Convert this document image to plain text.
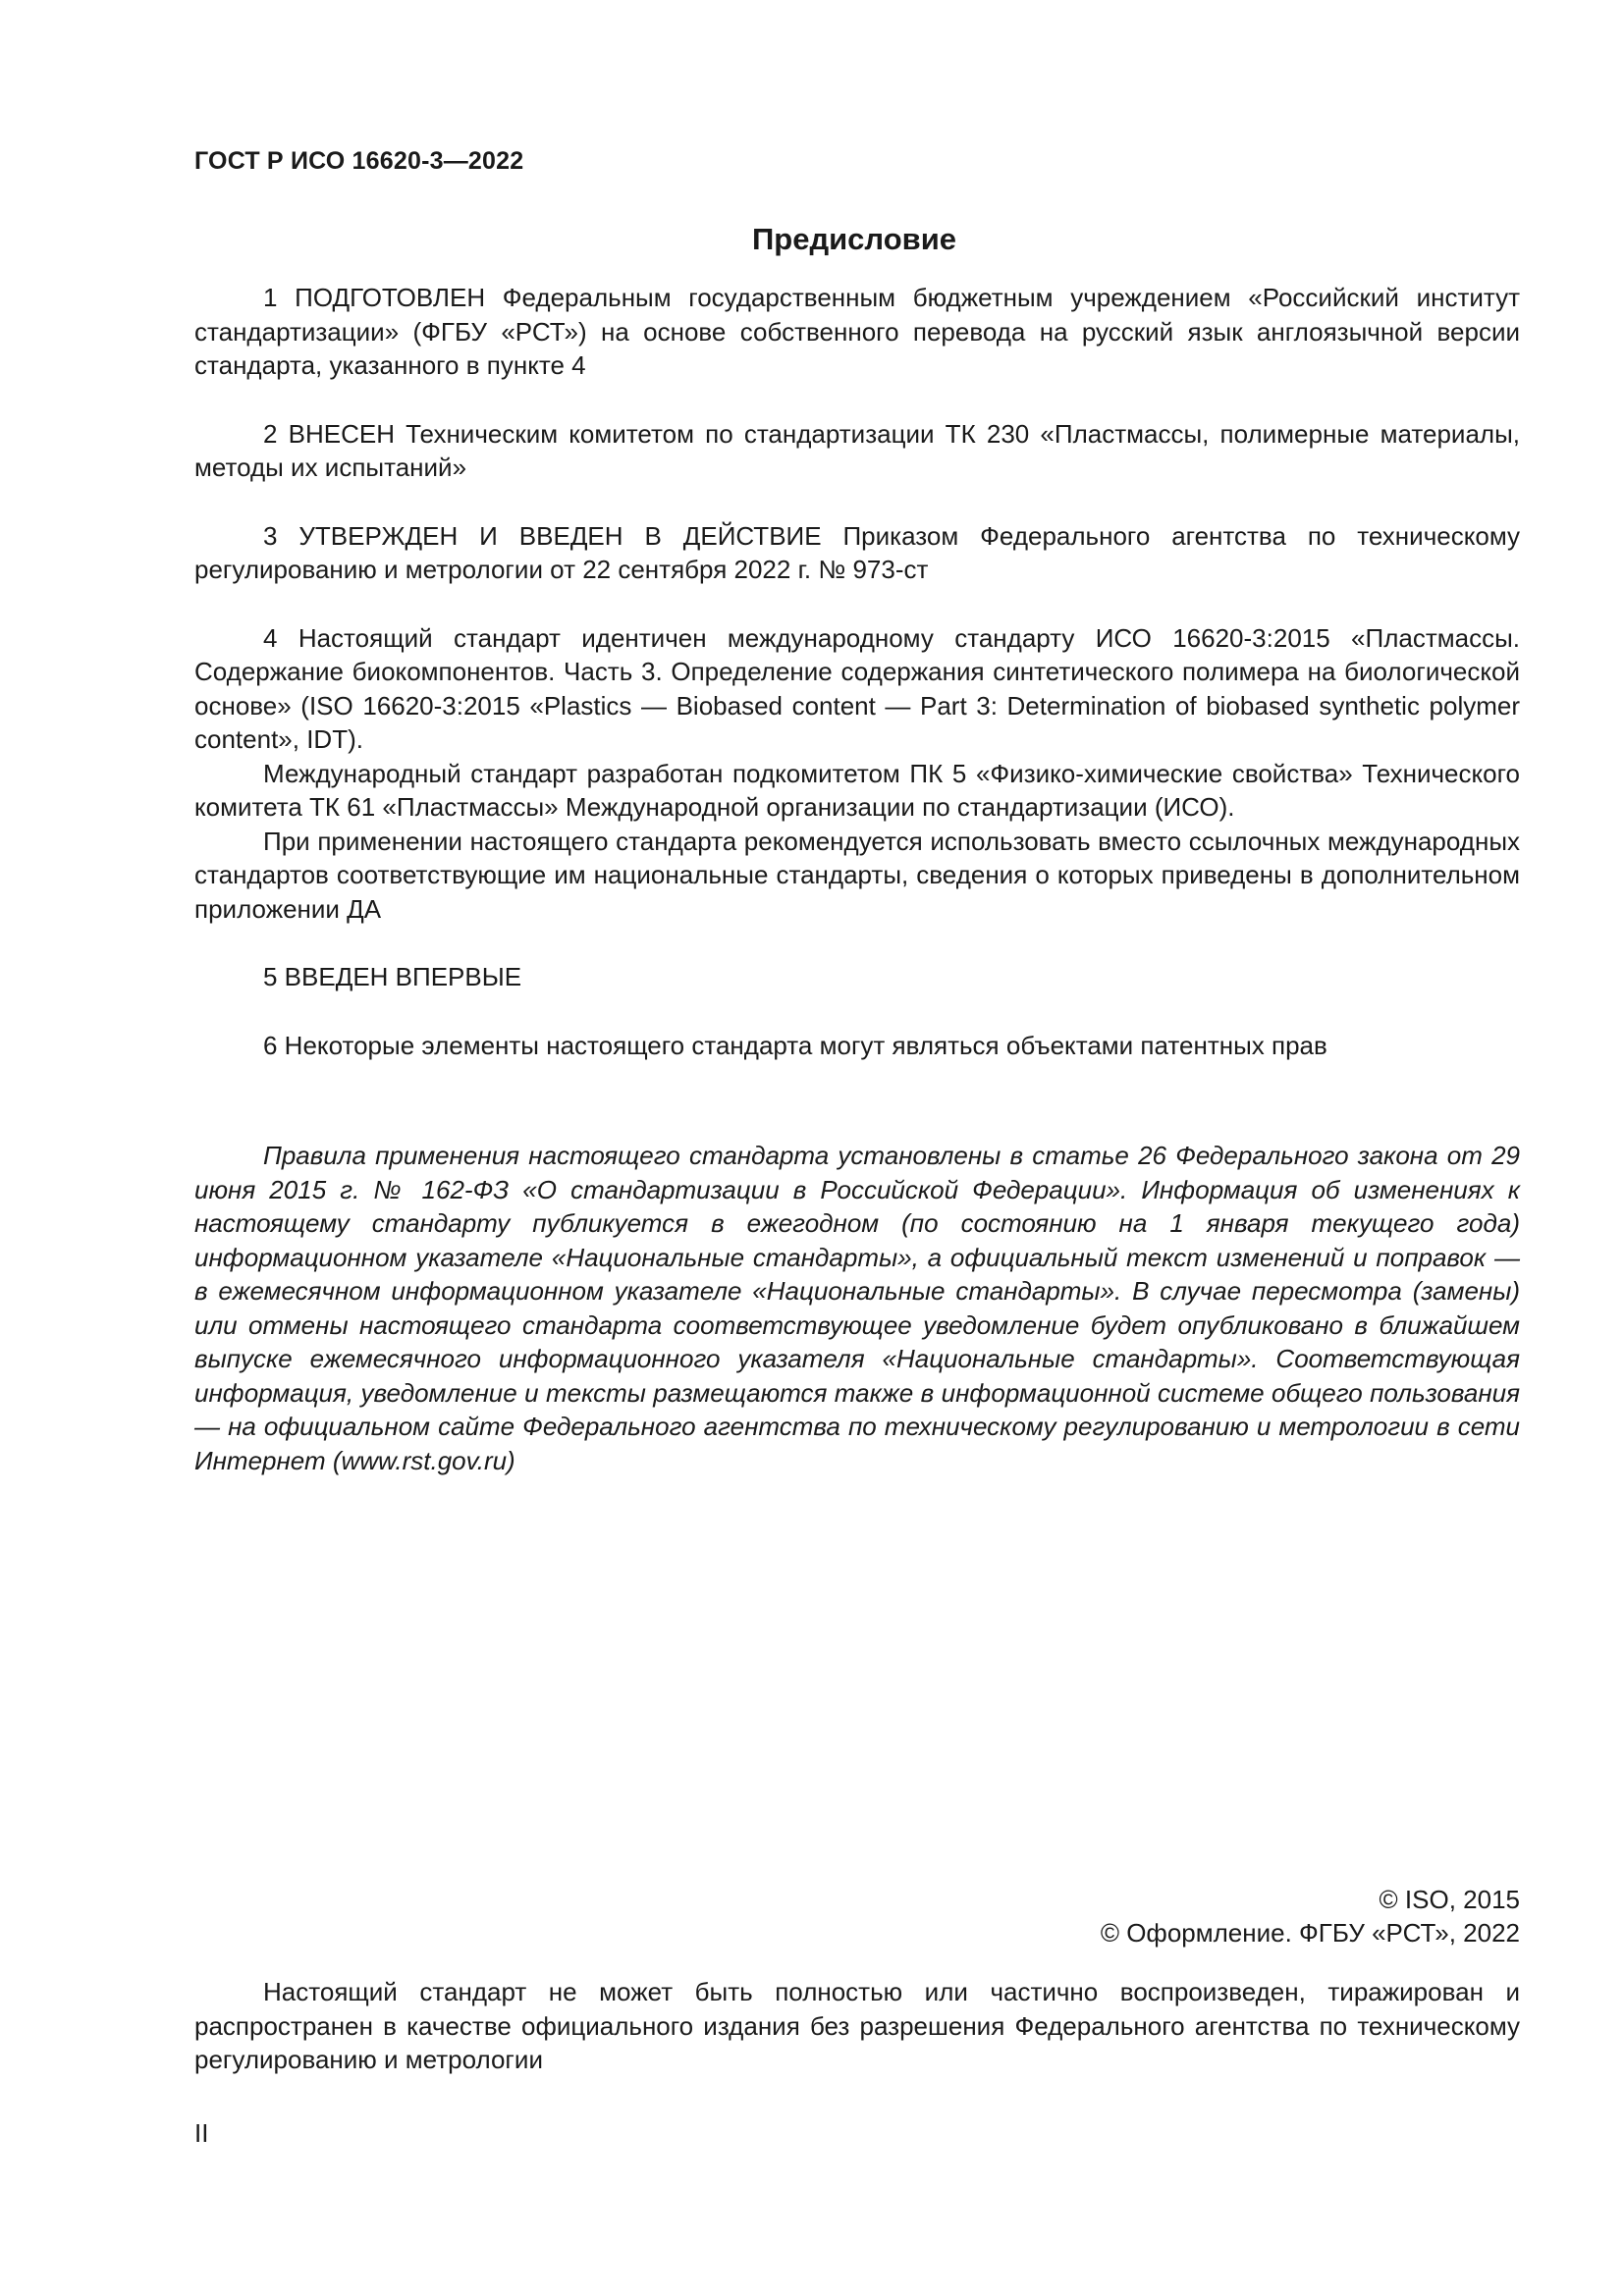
ГОСТ Р ИСО 16620-3—2022
Предисловие

1 ПОДГОТОВЛЕН Федеральным государственным бюджетным учреждением «Российский институт стандартизации» (ФГБУ «РСТ») на основе собственного перевода на русский язык англоязычной версии стандарта, указанного в пункте 4

2 ВНЕСЕН Техническим комитетом по стандартизации ТК 230 «Пластмассы, полимерные материалы, методы их испытаний»

3 УТВЕРЖДЕН И ВВЕДЕН В ДЕЙСТВИЕ Приказом Федерального агентства по техническому регулированию и метрологии от 22 сентября 2022 г. № 973-ст

4 Настоящий стандарт идентичен международному стандарту ИСО 16620-3:2015 «Пластмассы. Содержание биокомпонентов. Часть 3. Определение содержания синтетического полимера на биологической основе» (ISO 16620-3:2015 «Plastics — Biobased content — Part 3: Determination of biobased synthetic polymer content», IDT).

Международный стандарт разработан подкомитетом ПК 5 «Физико-химические свойства» Технического комитета ТК 61 «Пластмассы» Международной организации по стандартизации (ИСО).

При применении настоящего стандарта рекомендуется использовать вместо ссылочных международных стандартов соответствующие им национальные стандарты, сведения о которых приведены в дополнительном приложении ДА

5 ВВЕДЕН ВПЕРВЫЕ

6 Некоторые элементы настоящего стандарта могут являться объектами патентных прав

Правила применения настоящего стандарта установлены в статье 26 Федерального закона от 29 июня 2015 г. № 162-ФЗ «О стандартизации в Российской Федерации». Информация об изменениях к настоящему стандарту публикуется в ежегодном (по состоянию на 1 января текущего года) информационном указателе «Национальные стандарты», а официальный текст изменений и поправок — в ежемесячном информационном указателе «Национальные стандарты». В случае пересмотра (замены) или отмены настоящего стандарта соответствующее уведомление будет опубликовано в ближайшем выпуске ежемесячного информационного указателя «Национальные стандарты». Соответствующая информация, уведомление и тексты размещаются также в информационной системе общего пользования — на официальном сайте Федерального агентства по техническому регулированию и метрологии в сети Интернет (www.rst.gov.ru)

© ISO, 2015
© Оформление. ФГБУ «РСТ», 2022

Настоящий стандарт не может быть полностью или частично воспроизведен, тиражирован и распространен в качестве официального издания без разрешения Федерального агентства по техническому регулированию и метрологии

II
